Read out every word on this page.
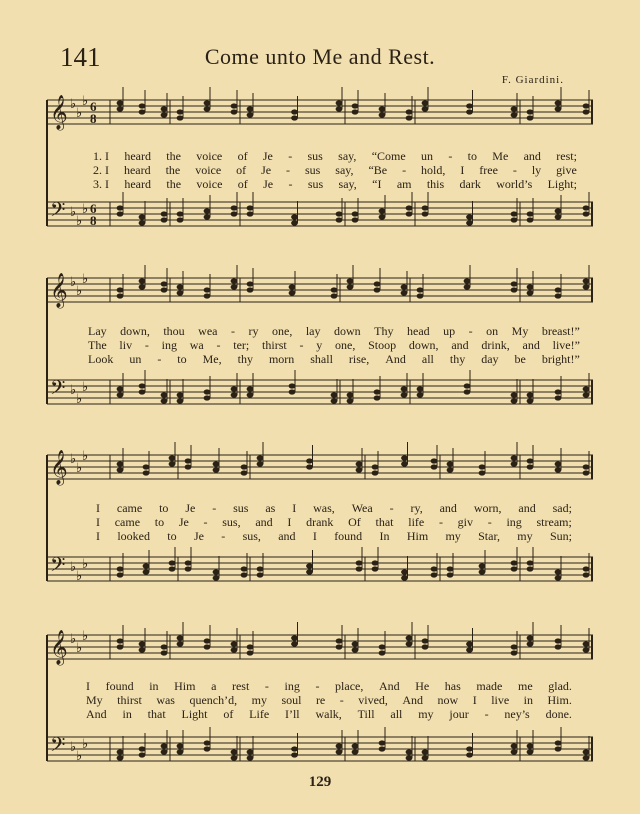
141	Come unto Me and Rest.
F. Giardini.
𝄞
𝄢
♭
♭
♭
♭
♭
♭
6
8
6
8
𝄞
𝄢
♭
♭
♭
♭
♭
♭
𝄞
𝄢
♭
♭
♭
♭
♭
♭
𝄞
𝄢
♭
♭
♭
♭
♭
♭
1. I heard the voice of Je - sus say, “Come un - to Me and rest;
2. I heard the voice of Je - sus say, “Be - hold, I free - ly give
3. I heard the voice of Je - sus say, “I am this dark world’s Light;
Lay down, thou wea - ry one, lay down Thy head up - on My breast!”
The liv - ing wa - ter; thirst - y one, Stoop down, and drink, and live!”
Look un - to Me, thy morn shall rise, And all thy day be bright!”
I came to Je - sus as I was, Wea - ry, and worn, and sad;
I came to Je - sus, and I drank Of that life - giv - ing stream;
I looked to Je - sus, and I found In Him my Star, my Sun;
I found in Him a rest - ing - place, And He has made me glad.
My thirst was quench’d, my soul re - vived, And now I live in Him.
And in that Light of Life I’ll walk, Till all my jour - ney’s done.
129
